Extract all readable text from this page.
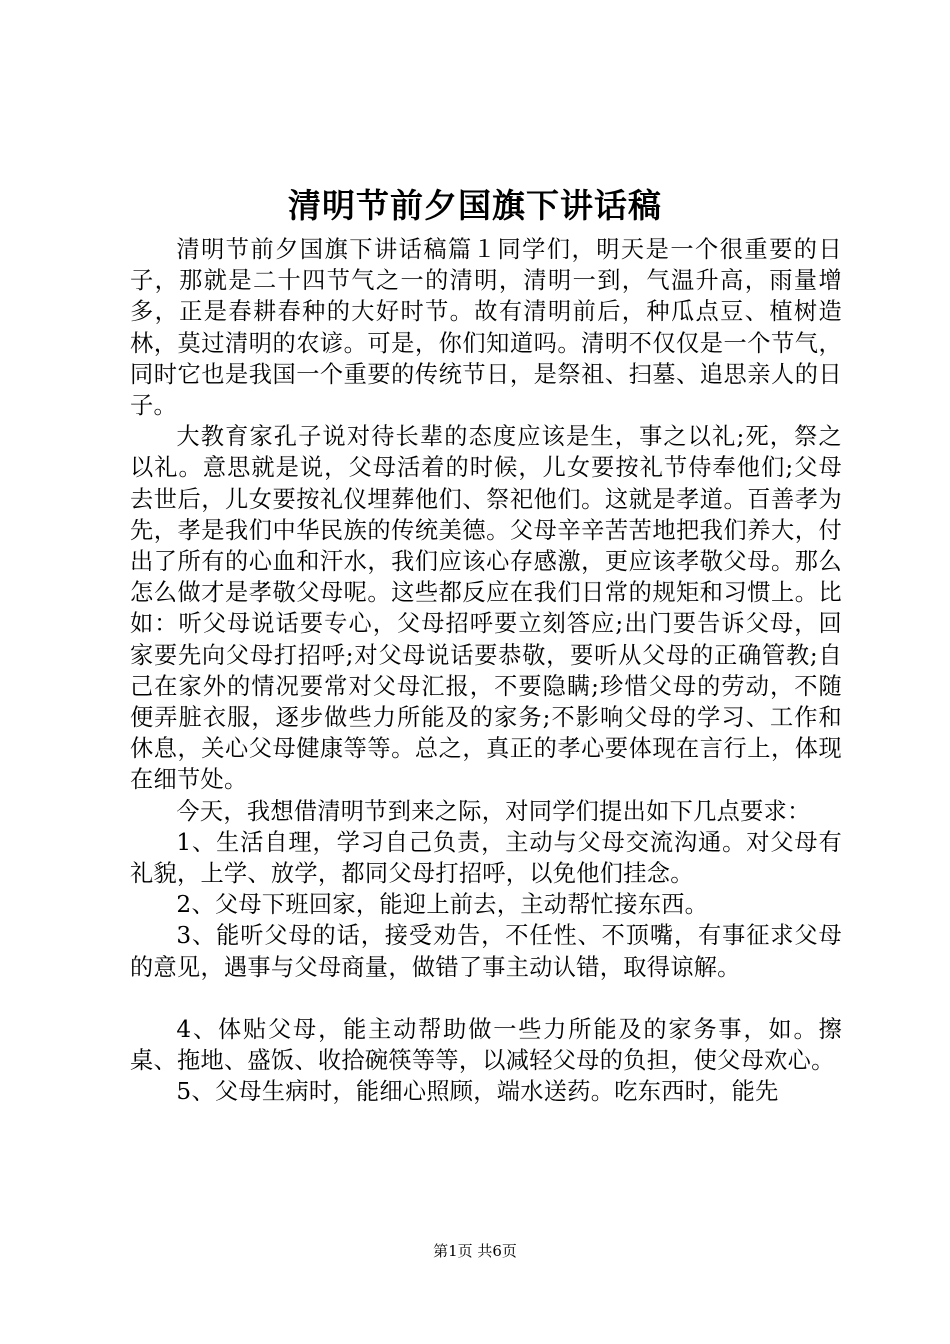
清明节前夕国旗下讲话稿

清明节前夕国旗下讲话稿篇１同学们，明天是一个很重要的日子，那就是二十四节气之一的清明，清明一到，气温升高，雨量增多，正是春耕春种的大好时节。故有清明前后，种瓜点豆、植树造林，莫过清明的农谚。可是，你们知道吗。清明不仅仅是一个节气，同时它也是我国一个重要的传统节日，是祭祖、扫墓、追思亲人的日子。

大教育家孔子说对待长辈的态度应该是生，事之以礼;死，祭之以礼。意思就是说，父母活着的时候，儿女要按礼节侍奉他们;父母去世后，儿女要按礼仪埋葬他们、祭祀他们。这就是孝道。百善孝为先，孝是我们中华民族的传统美德。父母辛辛苦苦地把我们养大，付出了所有的心血和汗水，我们应该心存感激，更应该孝敬父母。那么怎么做才是孝敬父母呢。这些都反应在我们日常的规矩和习惯上。比如：听父母说话要专心，父母招呼要立刻答应;出门要告诉父母，回家要先向父母打招呼;对父母说话要恭敬，要听从父母的正确管教;自己在家外的情况要常对父母汇报，不要隐瞒;珍惜父母的劳动，不随便弄脏衣服，逐步做些力所能及的家务;不影响父母的学习、工作和休息，关心父母健康等等。总之，真正的孝心要体现在言行上，体现在细节处。

今天，我想借清明节到来之际，对同学们提出如下几点要求：

1、生活自理，学习自己负责，主动与父母交流沟通。对父母有礼貌，上学、放学，都同父母打招呼，以免他们挂念。

2、父母下班回家，能迎上前去，主动帮忙接东西。

3、能听父母的话，接受劝告，不任性、不顶嘴，有事征求父母的意见，遇事与父母商量，做错了事主动认错，取得谅解。

4、体贴父母，能主动帮助做一些力所能及的家务事，如。擦桌、拖地、盛饭、收拾碗筷等等，以减轻父母的负担，使父母欢心。

5、父母生病时，能细心照顾，端水送药。吃东西时，能先

第1页 共6页
